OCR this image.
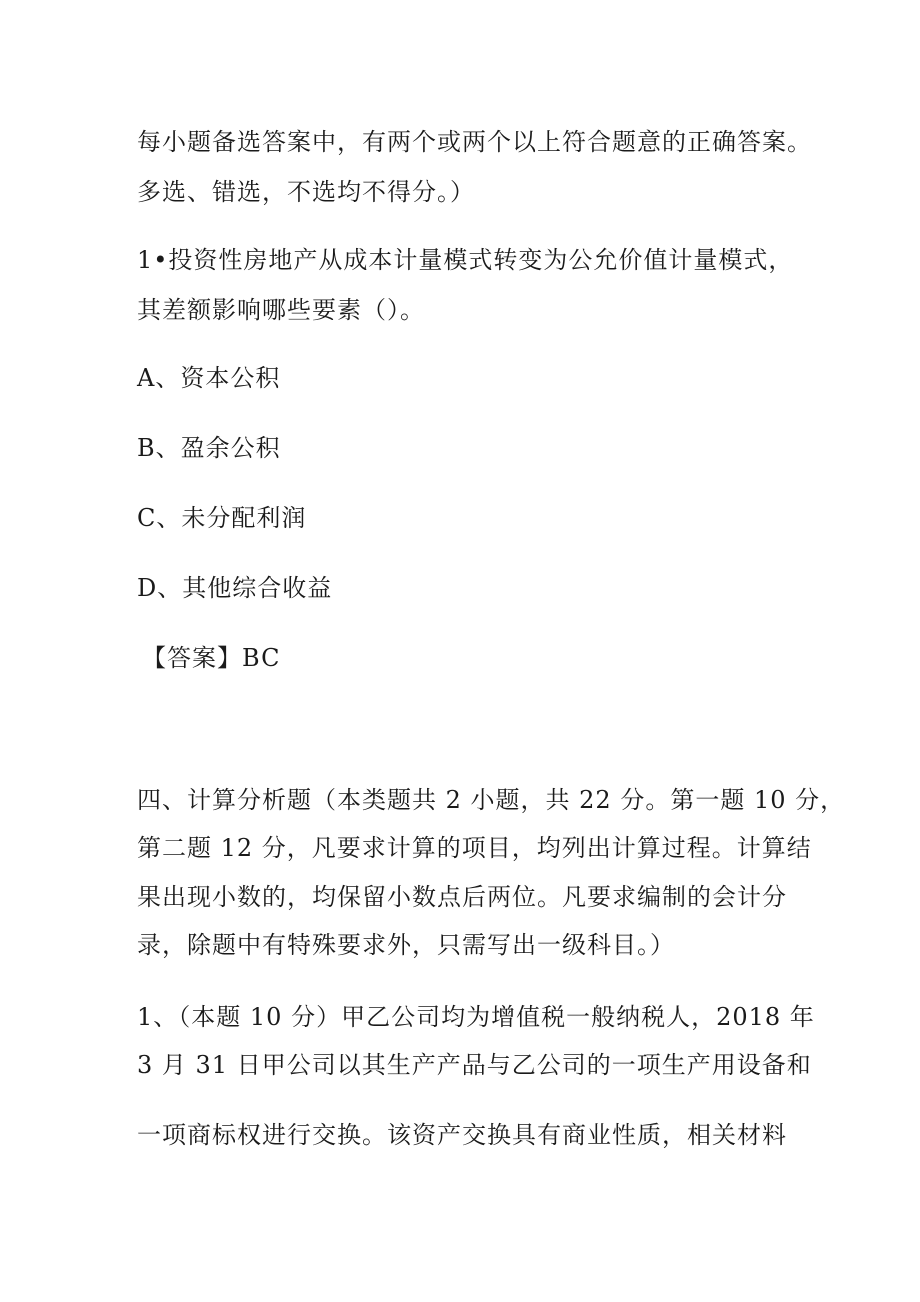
每小题备选答案中，有两个或两个以上符合题意的正确答案。
多选、错选，不选均不得分。）
1•投资性房地产从成本计量模式转变为公允价值计量模式，
其差额影响哪些要素（）。
A、资本公积
B、盈余公积
C、未分配利润
D、其他综合收益
【答案】BC
四、计算分析题（本类题共 2 小题，共 22 分。第一题 10 分，
第二题 12 分，凡要求计算的项目，均列出计算过程。计算结
果出现小数的，均保留小数点后两位。凡要求编制的会计分
录，除题中有特殊要求外，只需写出一级科目。）
1、（本题 10 分）甲乙公司均为增值税一般纳税人，2018 年
3 月 31 日甲公司以其生产产品与乙公司的一项生产用设备和
一项商标权进行交换。该资产交换具有商业性质，相关材料
